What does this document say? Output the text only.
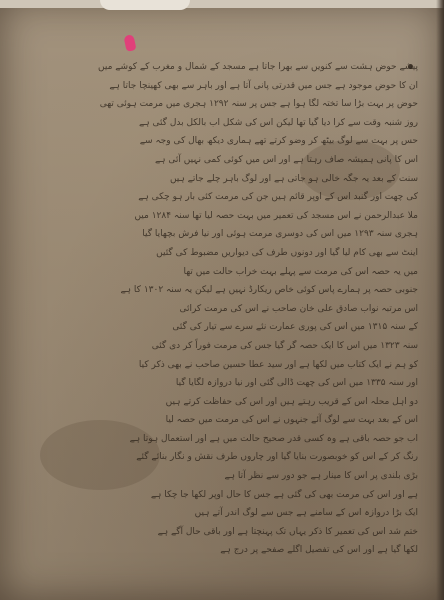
پیشے حوض ہشت سے کنویں سے بھرا جاتا ہے مسجد کے شمال و مغرب کے کوشے میں
ان کا حوض موجود ہے جس میں قدرتی پانی آتا ہے اور باہر سے بھی کھینچا جاتا ہے
حوض پر بہت بڑا سا تختہ لگا ہوا ہے جس پر سنہ ۱۲۹۲ ہجری میں مرمت ہوئی تھی
روز شنبہ وقت سے کرا دیا گیا تھا لیکن اس کی شکل اب بالکل بدل گئی ہے
حس پر بہت سے لوگ بیٹھ کر وضو کرتے تھے ہماری دیکھ بھال کی وجہ سے
اس کا پانی ہمیشہ صاف رہتا ہے اور اس میں کوئی کمی نہیں آئی ہے
سنت کے بعد یہ جگہ خالی ہو جاتی ہے اور لوگ باہر چلے جاتے ہیں
کی چھت اور گنبد اس کے اوپر قائم ہیں جن کی مرمت کئی بار ہو چکی ہے
ملا عبدالرحمن نے اس مسجد کی تعمیر میں بہت حصہ لیا تھا سنہ ۱۲۸۴ میں
ہجری سنہ ۱۲۹۳ میں اس کی دوسری مرمت ہوئی اور نیا فرش بچھایا گیا
اینٹ سے بھی کام لیا گیا اور دونوں طرف کی دیواریں مضبوط کی گئیں
میں یہ حصہ اس کی مرمت سے پہلے بہت خراب حالت میں تھا
جنوبی حصہ پر ہمارے پاس کوئی خاص ریکارڈ نہیں ہے لیکن یہ سنہ ۱۳۰۲ کا ہے
اس مرتبہ نواب صادق علی خان صاحب نے اس کی مرمت کرائی
کے سنہ ۱۳۱۵ میں اس کی پوری عمارت نئے سرے سے تیار کی گئی
سنہ ۱۳۲۳ میں اس کا ایک حصہ گر گیا جس کی مرمت فوراً کر دی گئی
کو ہم نے ایک کتاب میں لکھا ہے اور سید عطا حسین صاحب نے بھی ذکر کیا
اور سنہ ۱۳۳۵ میں اس کی چھت ڈالی گئی اور نیا دروازہ لگایا گیا
دو اہل محلہ اس کے قریب رہتے ہیں اور اس کی حفاظت کرتے ہیں
اس کے بعد بہت سے لوگ آئے جنہوں نے اس کی مرمت میں حصہ لیا
اب جو حصہ باقی ہے وہ کسی قدر صحیح حالت میں ہے اور استعمال ہوتا ہے
رنگ کر کے اس کو خوبصورت بنایا گیا اور چاروں طرف نقش و نگار بنائے گئے
بڑی بلندی پر اس کا مینار ہے جو دور سے نظر آتا ہے
ہے اور اس کی مرمت بھی کی گئی ہے جس کا حال اوپر لکھا جا چکا ہے
ایک بڑا دروازہ اس کے سامنے ہے جس سے لوگ اندر آتے ہیں
ختم شد اس کی تعمیر کا ذکر یہاں تک پہنچتا ہے اور باقی حال آگے ہے
لکھا گیا ہے اور اس کی تفصیل اگلے صفحے پر درج ہے
